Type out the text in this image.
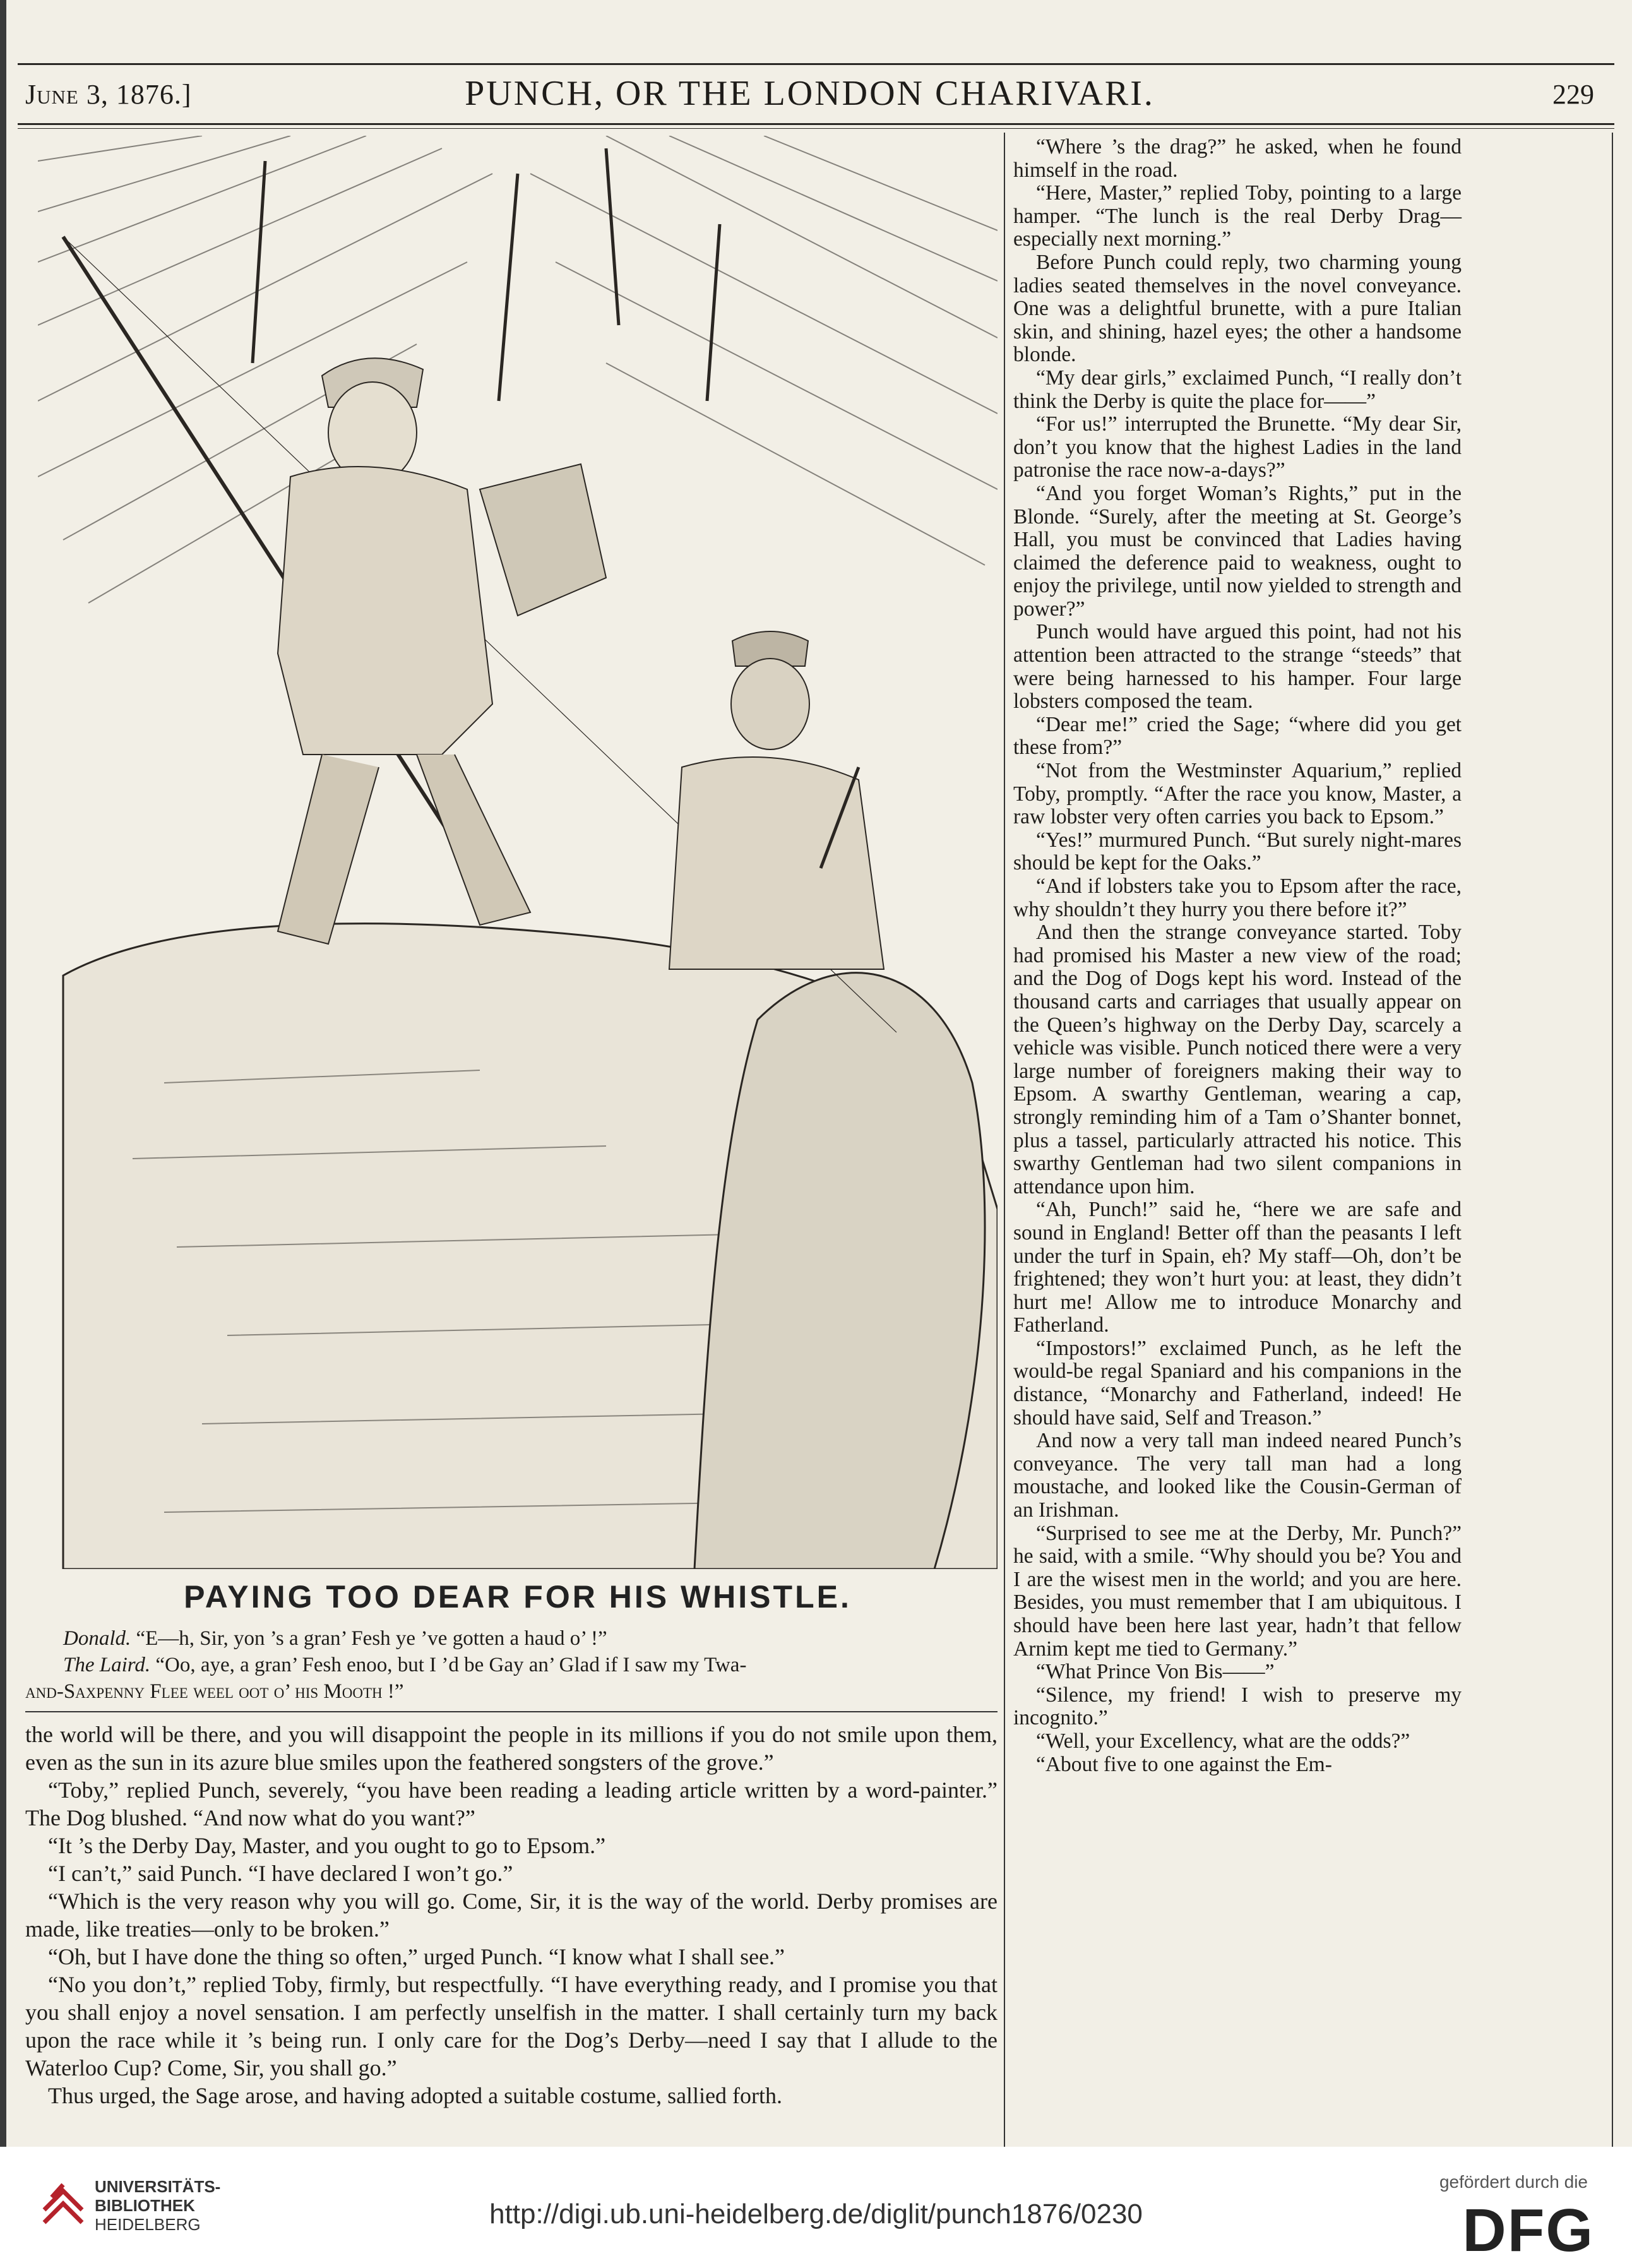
June 3, 1876.]	PUNCH, OR THE LONDON CHARIVARI.	229
PAYING TOO DEAR FOR HIS WHISTLE.
Donald. “E—h, Sir, yon ’s a gran’ Fesh ye ’ve gotten a haud o’ !”
The Laird. “Oo, aye, a gran’ Fesh enoo, but I ’d be Gay an’ Glad if I saw my Twa-
and-Saxpenny Flee weel oot o’ his Mooth !”

the world will be there, and you will disappoint the people in its millions if you do not smile upon them, even as the sun in its azure blue smiles upon the feathered songsters of the grove.”

“Toby,” replied Punch, severely, “you have been reading a leading article written by a word-painter.” The Dog blushed. “And now what do you want?”

“It ’s the Derby Day, Master, and you ought to go to Epsom.”

“I can’t,” said Punch. “I have declared I won’t go.”

“Which is the very reason why you will go. Come, Sir, it is the way of the world. Derby promises are made, like treaties—only to be broken.”

“Oh, but I have done the thing so often,” urged Punch. “I know what I shall see.”

“No you don’t,” replied Toby, firmly, but respectfully. “I have everything ready, and I promise you that you shall enjoy a novel sensation. I am perfectly unselfish in the matter. I shall certainly turn my back upon the race while it ’s being run. I only care for the Dog’s Derby—need I say that I allude to the Waterloo Cup? Come, Sir, you shall go.”

Thus urged, the Sage arose, and having adopted a suitable costume, sallied forth.

“Where ’s the drag?” he asked, when he found himself in the road.

“Here, Master,” replied Toby, pointing to a large hamper. “The lunch is the real Derby Drag—especially next morning.”

Before Punch could reply, two charming young ladies seated themselves in the novel conveyance. One was a delightful brunette, with a pure Italian skin, and shining, hazel eyes; the other a handsome blonde.

“My dear girls,” exclaimed Punch, “I really don’t think the Derby is quite the place for——”

“For us!” interrupted the Brunette. “My dear Sir, don’t you know that the highest Ladies in the land patronise the race now-a-days?”

“And you forget Woman’s Rights,” put in the Blonde. “Surely, after the meeting at St. George’s Hall, you must be convinced that Ladies having claimed the deference paid to weakness, ought to enjoy the privilege, until now yielded to strength and power?”

Punch would have argued this point, had not his attention been attracted to the strange “steeds” that were being harnessed to his hamper. Four large lobsters composed the team.

“Dear me!” cried the Sage; “where did you get these from?”

“Not from the Westminster Aquarium,” replied Toby, promptly. “After the race you know, Master, a raw lobster very often carries you back to Epsom.”

“Yes!” murmured Punch. “But surely night-mares should be kept for the Oaks.”

“And if lobsters take you to Epsom after the race, why shouldn’t they hurry you there before it?”

And then the strange conveyance started. Toby had promised his Master a new view of the road; and the Dog of Dogs kept his word. Instead of the thousand carts and carriages that usually appear on the Queen’s highway on the Derby Day, scarcely a vehicle was visible. Punch noticed there were a very large number of foreigners making their way to Epsom. A swarthy Gentleman, wearing a cap, strongly reminding him of a Tam o’Shanter bonnet, plus a tassel, particularly attracted his notice. This swarthy Gentleman had two silent companions in attendance upon him.

“Ah, Punch!” said he, “here we are safe and sound in England! Better off than the peasants I left under the turf in Spain, eh? My staff—Oh, don’t be frightened; they won’t hurt you: at least, they didn’t hurt me! Allow me to introduce Monarchy and Fatherland.

“Impostors!” exclaimed Punch, as he left the would-be regal Spaniard and his companions in the distance, “Monarchy and Fatherland, indeed! He should have said, Self and Treason.”

And now a very tall man indeed neared Punch’s conveyance. The very tall man had a long moustache, and looked like the Cousin-German of an Irishman.

“Surprised to see me at the Derby, Mr. Punch?” he said, with a smile. “Why should you be? You and I are the wisest men in the world; and you are here. Besides, you must remember that I am ubiquitous. I should have been here last year, hadn’t that fellow Arnim kept me tied to Germany.”

“What Prince Von Bis——”

“Silence, my friend! I wish to preserve my incognito.”

“Well, your Excellency, what are the odds?”

“About five to one against the Em-

UNIVERSITÄTS-
BIBLIOTHEK
HEIDELBERG	http://digi.ub.uni-heidelberg.de/diglit/punch1876/0230
gefördert durch die
DFG
